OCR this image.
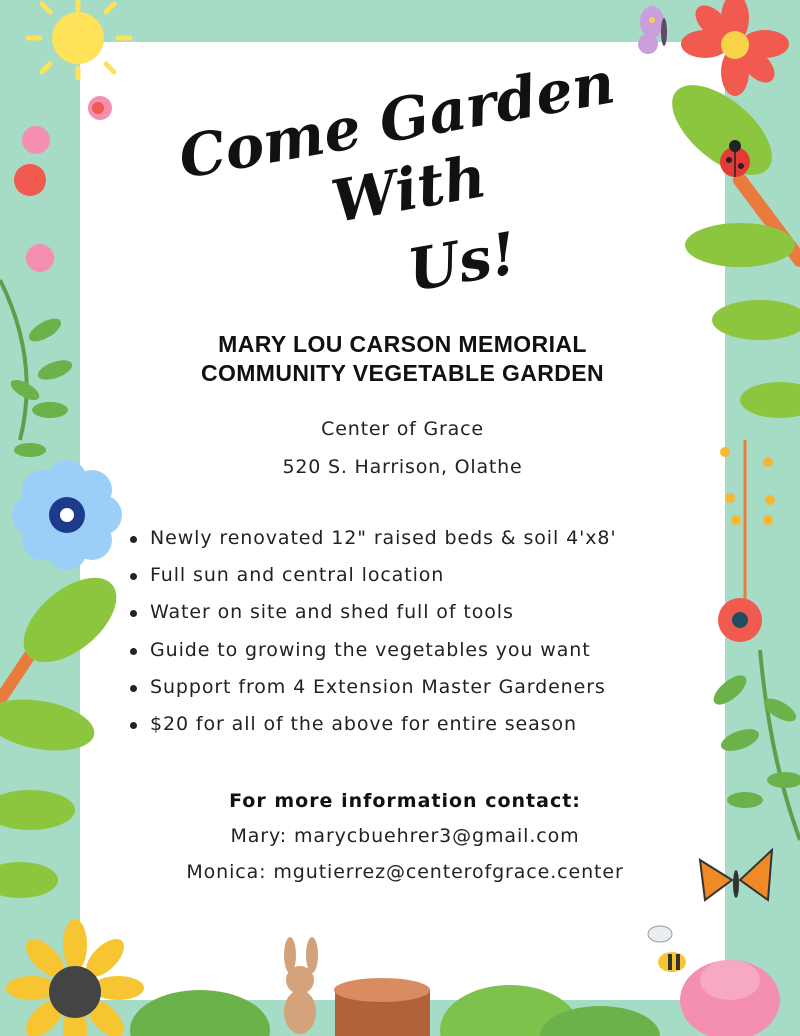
Come Garden With
Us!
MARY LOU CARSON MEMORIAL
COMMUNITY VEGETABLE GARDEN
Center of Grace
520 S. Harrison, Olathe
Newly renovated 12" raised beds & soil 4'x8'
Full sun and central location
Water on site and shed full of tools
Guide to growing the vegetables you want
Support from 4 Extension Master Gardeners
$20 for all of the above for entire season
For more information contact:
Mary: marycbuehrer3@gmail.com
Monica: mgutierrez@centerofgrace.center
